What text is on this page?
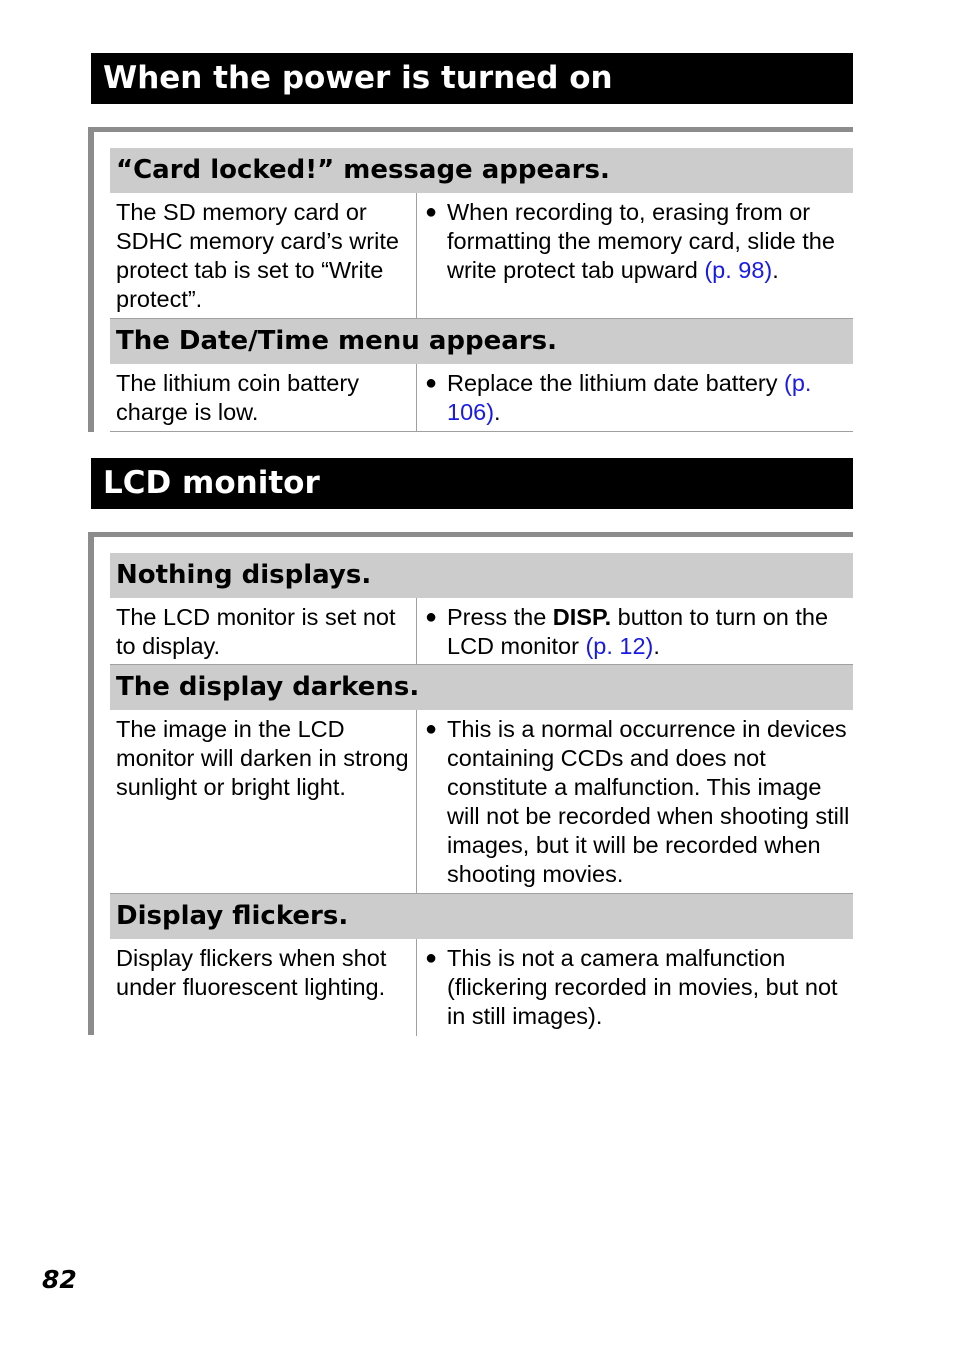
When the power is turned on
“Card locked!” message appears.
The SD memory card or SDHC memory card’s write protect tab is set to “Write protect”.
● When recording to, erasing from or formatting the memory card, slide the write protect tab upward (p. 98).
The Date/Time menu appears.
The lithium coin battery charge is low.
● Replace the lithium date battery (p. 106).
LCD monitor
Nothing displays.
The LCD monitor is set not to display.
● Press the DISP. button to turn on the LCD monitor (p. 12).
The display darkens.
The image in the LCD monitor will darken in strong sunlight or bright light.
● This is a normal occurrence in devices containing CCDs and does not constitute a malfunction. This image will not be recorded when shooting still images, but it will be recorded when shooting movies.
Display flickers.
Display flickers when shot under fluorescent lighting.
● This is not a camera malfunction (flickering recorded in movies, but not in still images).
82
